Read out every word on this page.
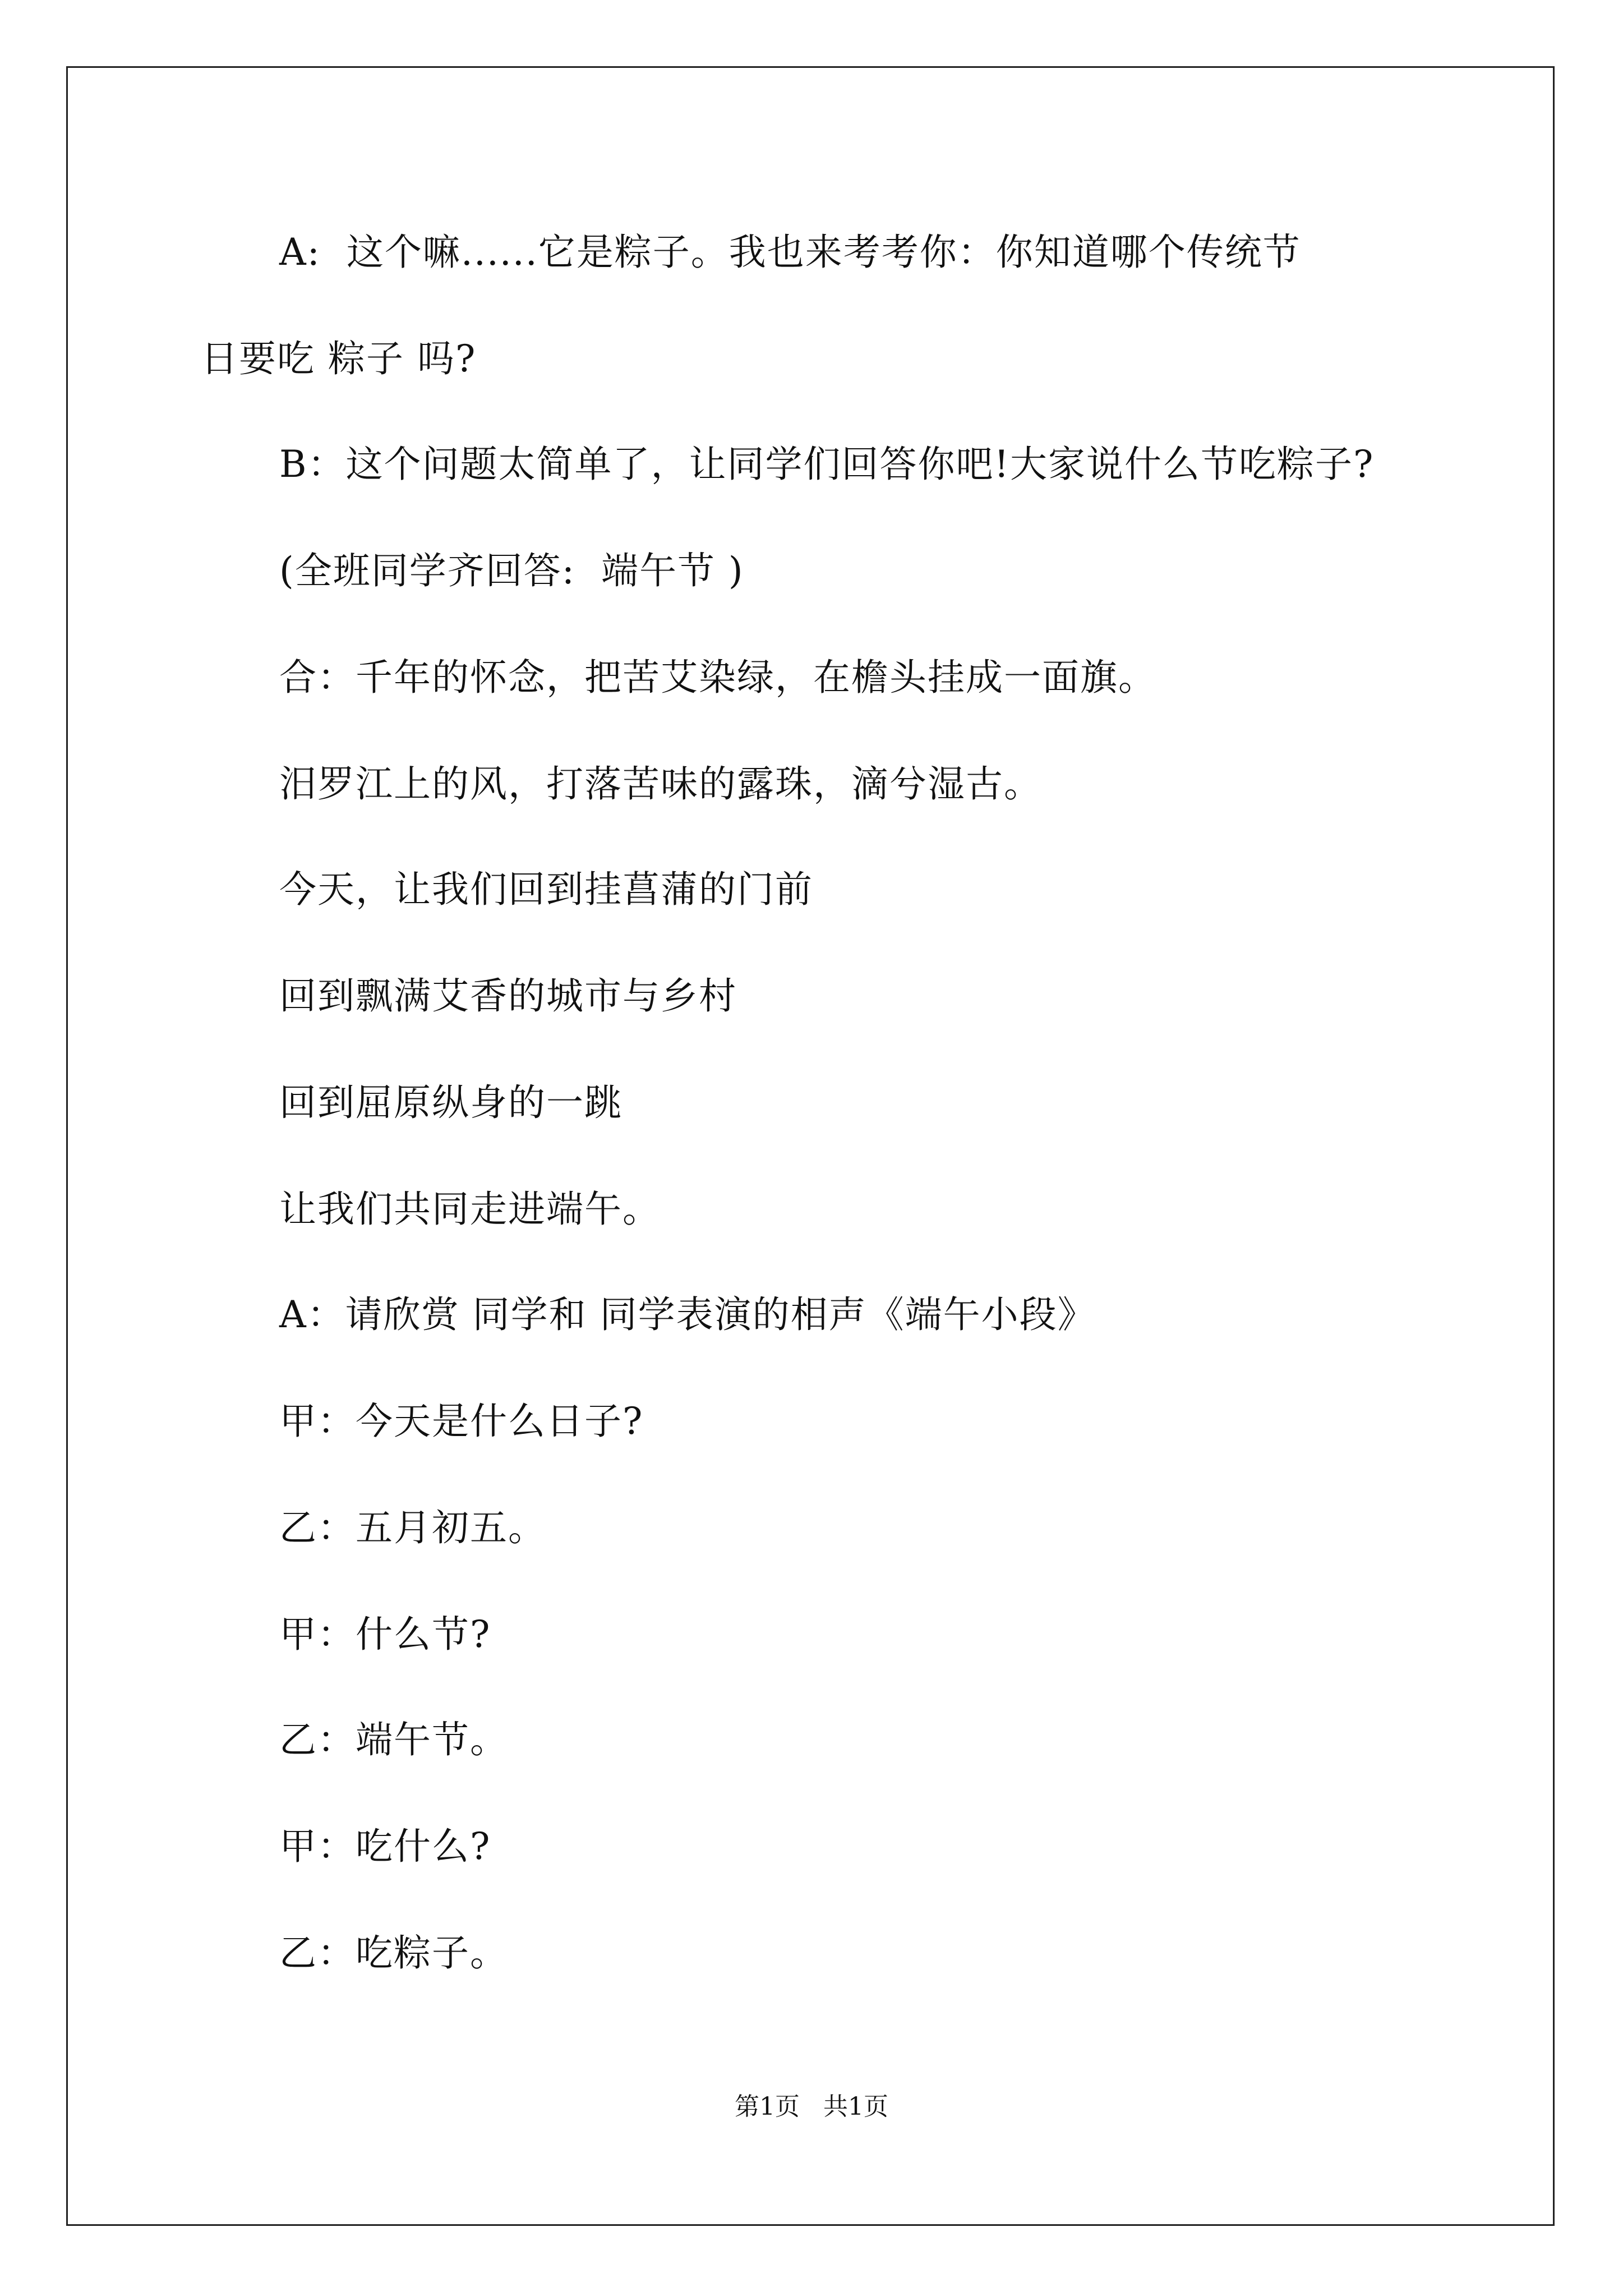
A:  这个嘛......它是粽子。我也来考考你：你知道哪个传统节
日要吃 粽子 吗?
B：这个问题太简单了，让同学们回答你吧!大家说什么节吃粽子?
(全班同学齐回答:  端午节 )
合：千年的怀念，把苦艾染绿，在檐头挂成一面旗。
汨罗江上的风，打落苦味的露珠，滴兮湿古。
今天，让我们回到挂菖蒲的门前
回到飘满艾香的城市与乡村
回到屈原纵身的一跳
让我们共同走进端午。
A：请欣赏 同学和 同学表演的相声《端午小段》
甲：今天是什么日子?
乙：五月初五。
甲：什么节?
乙：端午节。
甲：吃什么?
乙：吃粽子。
第1页   共1页
